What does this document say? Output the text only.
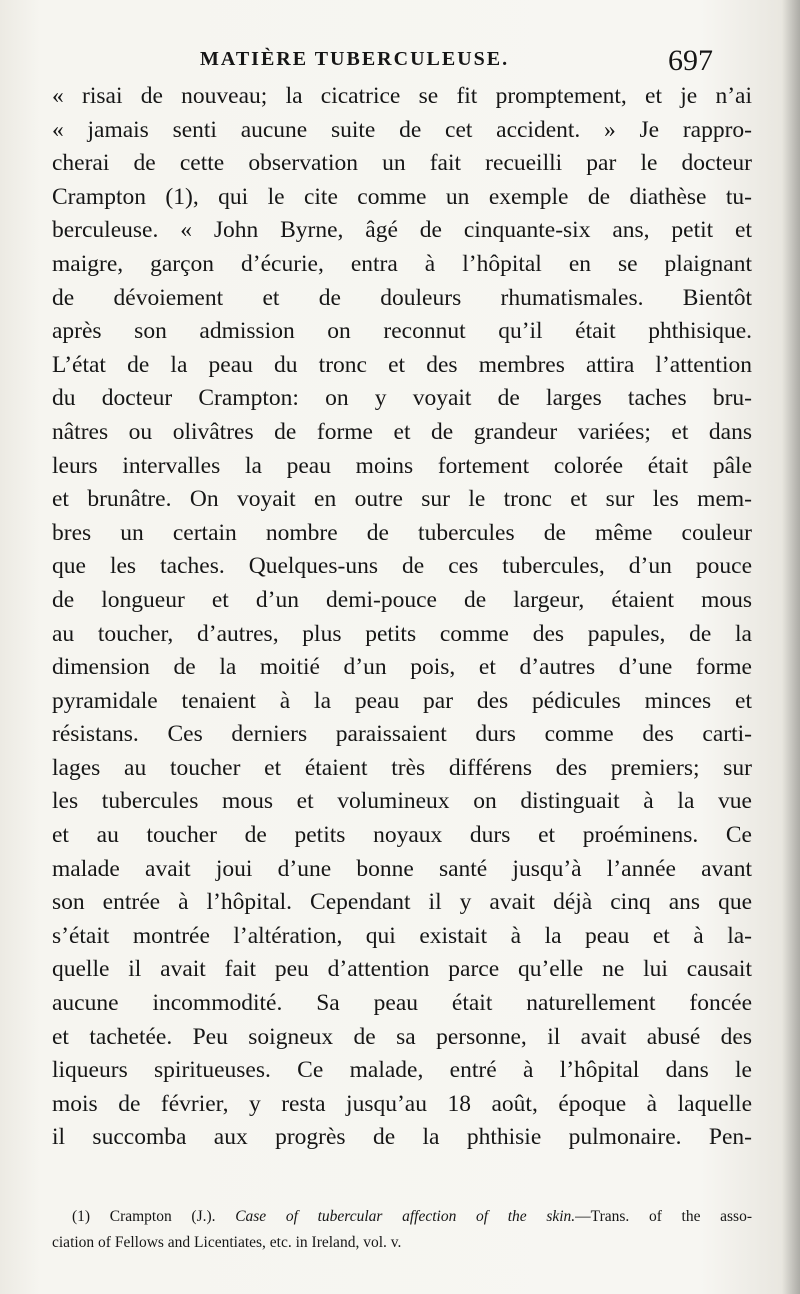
MATIÈRE TUBERCULEUSE.	697
« risai de nouveau; la cicatrice se fit promptement, et je n’ai
« jamais senti aucune suite de cet accident. » Je rappro-
cherai de cette observation un fait recueilli par le docteur
Crampton (1), qui le cite comme un exemple de diathèse tu-
berculeuse. « John Byrne, âgé de cinquante-six ans, petit et
maigre, garçon d’écurie, entra à l’hôpital en se plaignant
de dévoiement et de douleurs rhumatismales. Bientôt
après son admission on reconnut qu’il était phthisique.
L’état de la peau du tronc et des membres attira l’attention
du docteur Crampton: on y voyait de larges taches bru-
nâtres ou olivâtres de forme et de grandeur variées; et dans
leurs intervalles la peau moins fortement colorée était pâle
et brunâtre. On voyait en outre sur le tronc et sur les mem-
bres un certain nombre de tubercules de même couleur
que les taches. Quelques-uns de ces tubercules, d’un pouce
de longueur et d’un demi-pouce de largeur, étaient mous
au toucher, d’autres, plus petits comme des papules, de la
dimension de la moitié d’un pois, et d’autres d’une forme
pyramidale tenaient à la peau par des pédicules minces et
résistans. Ces derniers paraissaient durs comme des carti-
lages au toucher et étaient très différens des premiers; sur
les tubercules mous et volumineux on distinguait à la vue
et au toucher de petits noyaux durs et proéminens. Ce
malade avait joui d’une bonne santé jusqu’à l’année avant
son entrée à l’hôpital. Cependant il y avait déjà cinq ans que
s’était montrée l’altération, qui existait à la peau et à la-
quelle il avait fait peu d’attention parce qu’elle ne lui causait
aucune incommodité. Sa peau était naturellement foncée
et tachetée. Peu soigneux de sa personne, il avait abusé des
liqueurs spiritueuses. Ce malade, entré à l’hôpital dans le
mois de février, y resta jusqu’au 18 août, époque à laquelle
il succomba aux progrès de la phthisie pulmonaire. Pen-
(1) Crampton (J.). Case of tubercular affection of the skin.—Trans. of the asso-
ciation of Fellows and Licentiates, etc. in Ireland, vol. v.
